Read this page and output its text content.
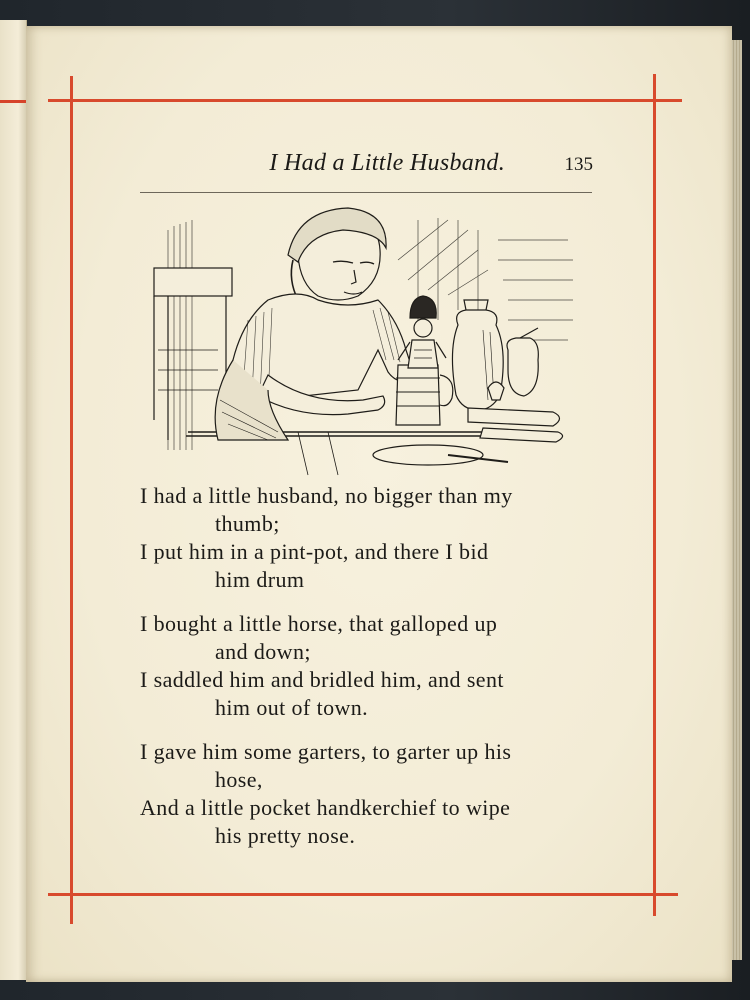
I Had a Little Husband.	135
I had a little husband, no bigger than my
thumb;
I put him in a pint-pot, and there I bid
him drum
I bought a little horse, that galloped up
and down;
I saddled him and bridled him, and sent
him out of town.
I gave him some garters, to garter up his
hose,
And a little pocket handkerchief to wipe
his pretty nose.
